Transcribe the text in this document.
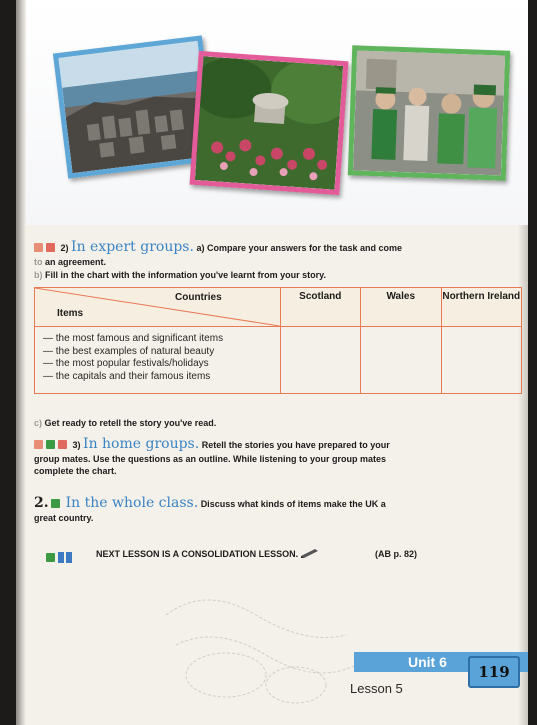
2) In expert groups. a) Compare your answers for the task and come
to an agreement.
b) Fill in the chart with the information you've learnt from your story.
Countries
Items	Scotland	Wales	Northern Ireland

— the most famous and significant items
— the best examples of natural beauty
— the most popular festivals/holidays
— the capitals and their famous items			

c) Get ready to retell the story you've read.
3) In home groups. Retell the stories you have prepared to your
group mates. Use the questions as an outline. While listening to your group mates
complete the chart.
2. In the whole class. Discuss what kinds of items make the UK a
great country.
NEXT LESSON IS A CONSOLIDATION LESSON.	(AB p. 82)
Unit 6
Lesson 5
119
